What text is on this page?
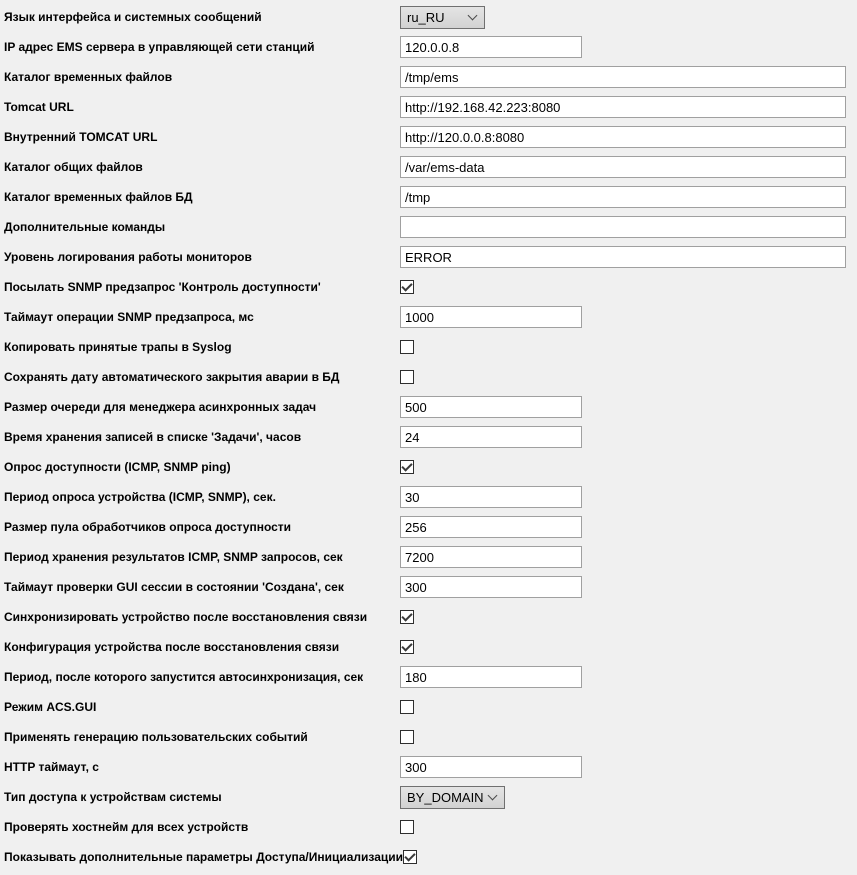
Язык интерфейса и системных сообщений	ru_RU
IP адрес EMS сервера в управляющей сети станций
120.0.0.8
Каталог временных файлов
/tmp/ems
Tomcat URL
http://192.168.42.223:8080
Внутренний TOMCAT URL
http://120.0.0.8:8080
Каталог общих файлов
/var/ems-data
Каталог временных файлов БД
/tmp
Дополнительные команды
Уровень логирования работы мониторов
ERROR
Посылать SNMP предзапрос 'Контроль доступности'
Таймаут операции SNMP предзапроса, мс
1000
Копировать принятые трапы в Syslog
Сохранять дату автоматического закрытия аварии в БД
Размер очереди для менеджера асинхронных задач
500
Время хранения записей в списке 'Задачи', часов
24
Опрос доступности (ICMP, SNMP ping)
Период опроса устройства (ICMP, SNMP), сек.
30
Размер пула обработчиков опроса доступности
256
Период хранения результатов ICMP, SNMP запросов, сек
7200
Таймаут проверки GUI сессии в состоянии 'Создана', сек
300
Синхронизировать устройство после восстановления связи
Конфигурация устройства после восстановления связи
Период, после которого запустится автосинхронизация, сек
180
Режим ACS.GUI
Применять генерацию пользовательских событий
HTTP таймаут, с
300
Тип доступа к устройствам системы	BY_DOMAIN
Проверять хостнейм для всех устройств
Показывать дополнительные параметры Доступа/Инициализации
